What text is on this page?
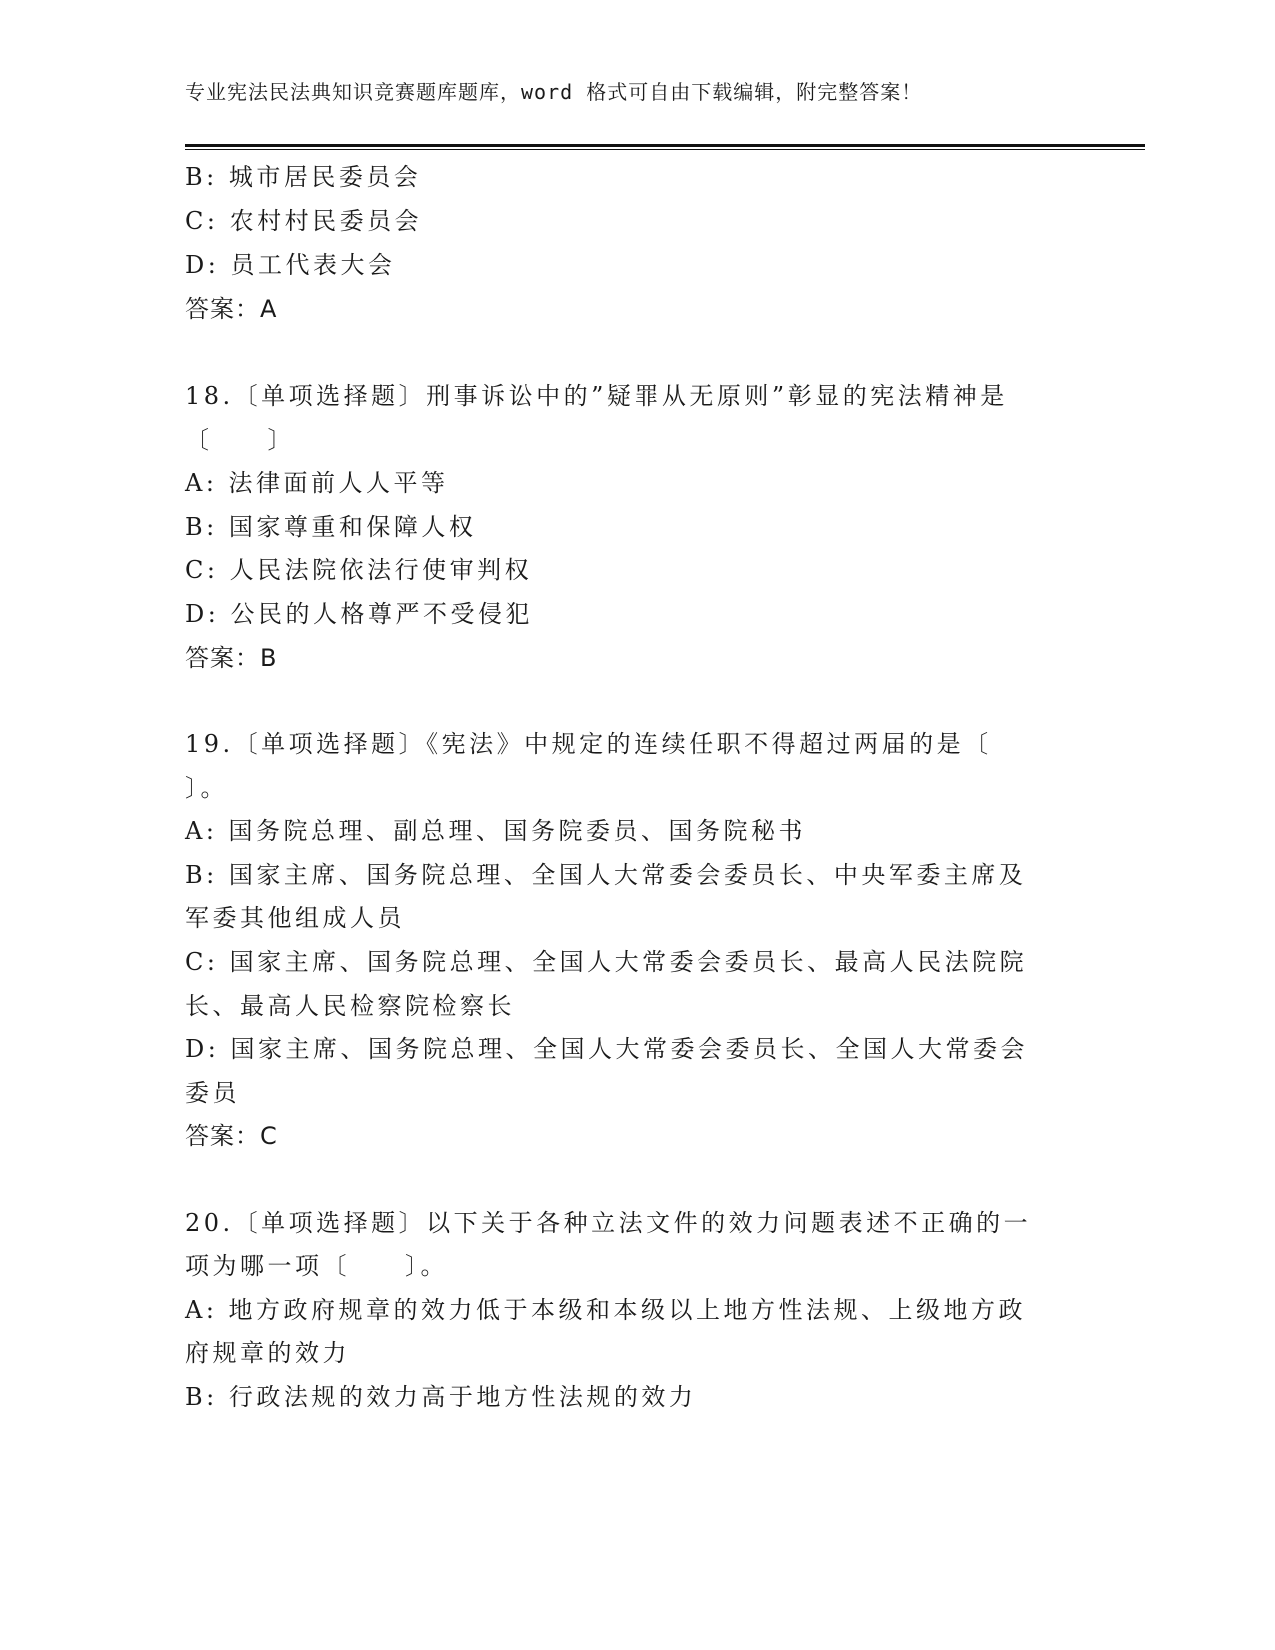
专业宪法民法典知识竞赛题库题库，word 格式可自由下载编辑，附完整答案！
B: 城市居民委员会
C: 农村村民委员会
D: 员工代表大会
答案：A
18.〔单项选择题〕刑事诉讼中的”疑罪从无原则”彰显的宪法精神是
〔　　〕
A: 法律面前人人平等
B: 国家尊重和保障人权
C: 人民法院依法行使审判权
D: 公民的人格尊严不受侵犯
答案：B
19.〔单项选择题〕《宪法》中规定的连续任职不得超过两届的是〔
〕。
A: 国务院总理、副总理、国务院委员、国务院秘书
B: 国家主席、国务院总理、全国人大常委会委员长、中央军委主席及
军委其他组成人员
C: 国家主席、国务院总理、全国人大常委会委员长、最高人民法院院
长、最高人民检察院检察长
D: 国家主席、国务院总理、全国人大常委会委员长、全国人大常委会
委员
答案：C
20.〔单项选择题〕以下关于各种立法文件的效力问题表述不正确的一
项为哪一项〔　　〕。
A: 地方政府规章的效力低于本级和本级以上地方性法规、上级地方政
府规章的效力
B: 行政法规的效力高于地方性法规的效力
